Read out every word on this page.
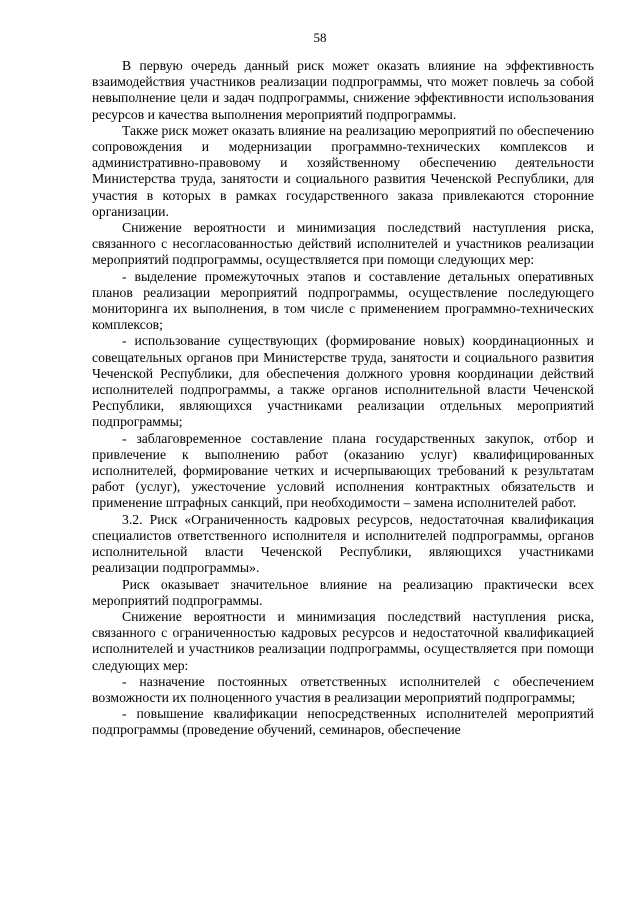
58

В первую очередь данный риск может оказать влияние на эффективность взаимодействия участников реализации подпрограммы, что может повлечь за собой невыполнение цели и задач подпрограммы, снижение эффективности использования ресурсов и качества выполнения мероприятий подпрограммы.

Также риск может оказать влияние на реализацию мероприятий по обеспечению сопровождения и модернизации программно-технических комплексов и административно-правовому и хозяйственному обеспечению деятельности Министерства труда, занятости и социального развития Чеченской Республики, для участия в которых в рамках государственного заказа привлекаются сторонние организации.

Снижение вероятности и минимизация последствий наступления риска, связанного с несогласованностью действий исполнителей и участников реализации мероприятий подпрограммы, осуществляется при помощи следующих мер:

- выделение промежуточных этапов и составление детальных оперативных планов реализации мероприятий подпрограммы, осуществление последующего мониторинга их выполнения, в том числе с применением программно-технических комплексов;

- использование существующих (формирование новых) координационных и совещательных органов при Министерстве труда, занятости и социального развития Чеченской Республики, для обеспечения должного уровня координации действий исполнителей подпрограммы, а также органов исполнительной власти Чеченской Республики, являющихся участниками реализации отдельных мероприятий подпрограммы;

- заблаговременное составление плана государственных закупок, отбор и привлечение к выполнению работ (оказанию услуг) квалифицированных исполнителей, формирование четких и исчерпывающих требований к результатам работ (услуг), ужесточение условий исполнения контрактных обязательств и применение штрафных санкций, при необходимости – замена исполнителей работ.

3.2. Риск «Ограниченность кадровых ресурсов, недостаточная квалификация специалистов ответственного исполнителя и исполнителей подпрограммы, органов исполнительной власти Чеченской Республики, являющихся участниками реализации подпрограммы».

Риск оказывает значительное влияние на реализацию практически всех мероприятий подпрограммы.

Снижение вероятности и минимизация последствий наступления риска, связанного с ограниченностью кадровых ресурсов и недостаточной квалификацией исполнителей и участников реализации подпрограммы, осуществляется при помощи следующих мер:

- назначение постоянных ответственных исполнителей с обеспечением возможности их полноценного участия в реализации мероприятий подпрограммы;

- повышение квалификации непосредственных исполнителей мероприятий подпрограммы (проведение обучений, семинаров, обеспечение
